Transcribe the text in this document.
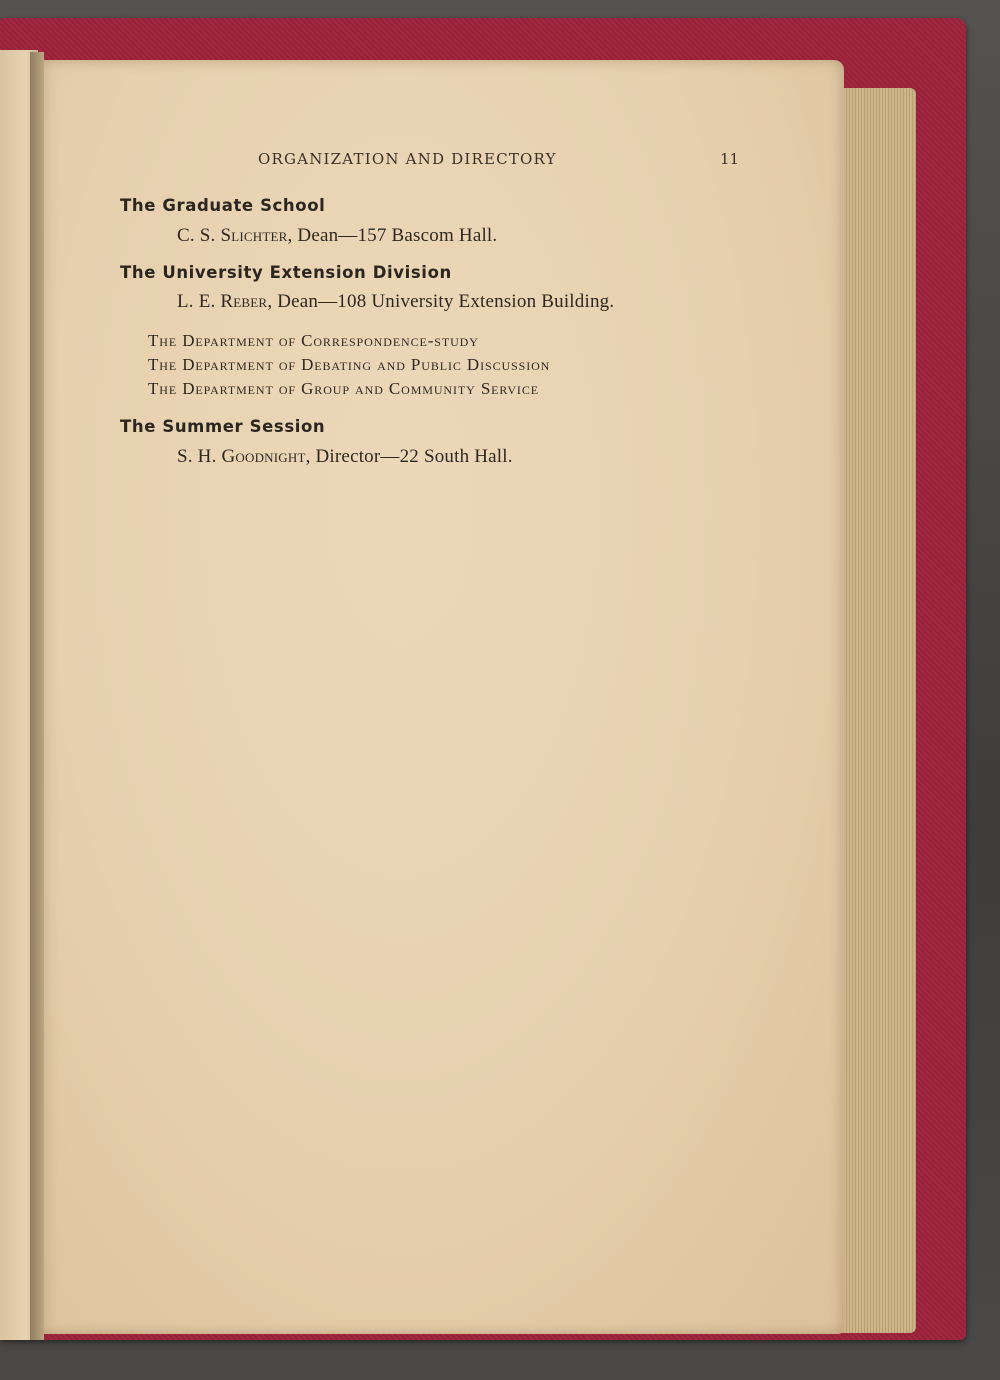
ORGANIZATION AND DIRECTORY	11
The Graduate School
C. S. Slichter, Dean—157 Bascom Hall.
The University Extension Division
L. E. Reber, Dean—108 University Extension Building.
The Department of Correspondence-study
The Department of Debating and Public Discussion
The Department of Group and Community Service
The Summer Session
S. H. Goodnight, Director—22 South Hall.
